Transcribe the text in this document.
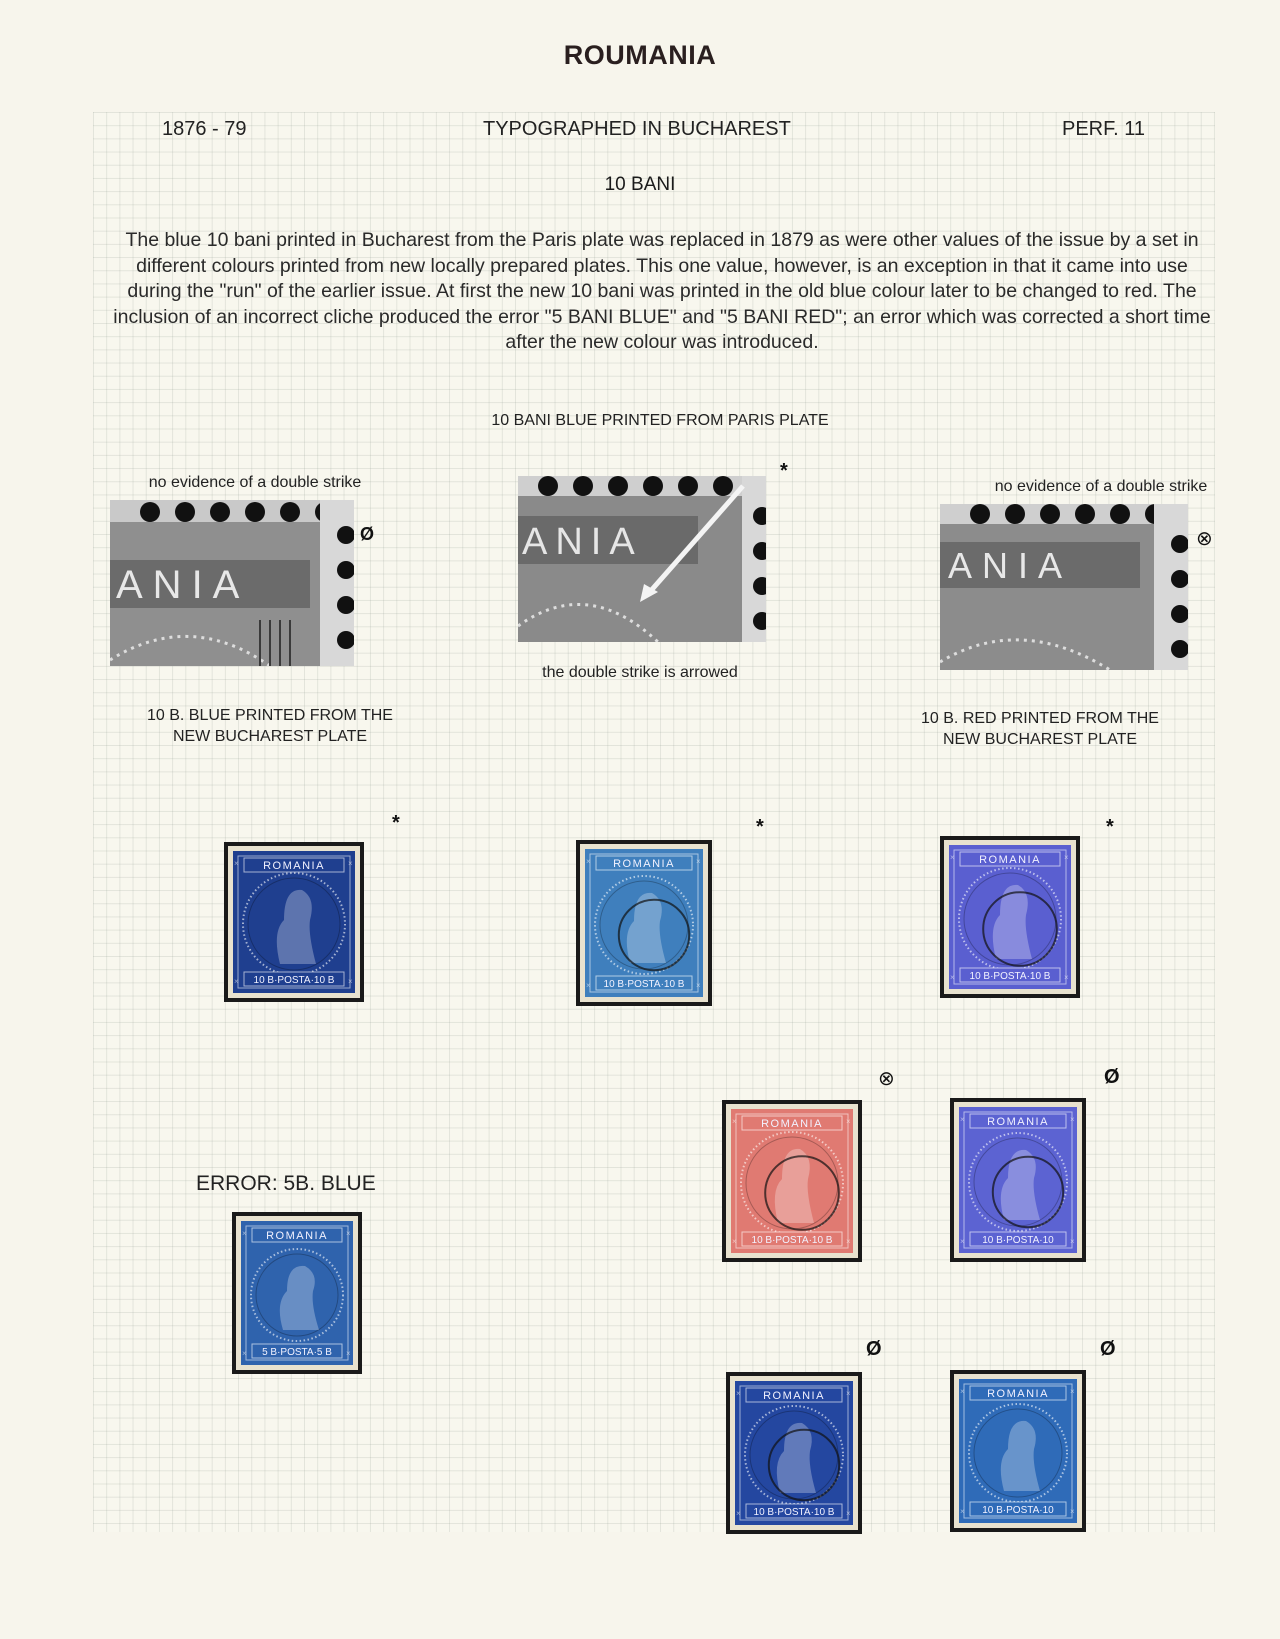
ROUMANIA
1876 - 79	TYPOGRAPHED IN BUCHAREST	PERF. 11
10 BANI
The blue 10 bani printed in Bucharest from the Paris plate was replaced in 1879 as were other values of the issue by a set in different colours printed from new locally prepared plates. This one value, however, is an exception in that it came into use during the "run" of the earlier issue. At first the new 10 bani was printed in the old blue colour later to be changed to red. The inclusion of an incorrect cliche produced the error "5 BANI BLUE" and "5 BANI RED"; an error which was corrected a short time after the new colour was introduced.
10 BANI BLUE PRINTED FROM PARIS PLATE
no evidence of a double strike	no evidence of a double strike
the double strike is arrowed
Ø
*
⊗
ANIA
ANIA
ANIA
10 B. BLUE PRINTED FROM THE
NEW BUCHAREST PLATE
10 B. RED PRINTED FROM THE
NEW BUCHAREST PLATE
ERROR: 5B. BLUE
ROMANIA
10 B·POSTA·10 B
×	×
×	×
*
ROMANIA
10 B·POSTA·10 B
×	×
×	×
*
ROMANIA
10 B·POSTA·10 B
×	×
×	×
*
ROMANIA
10 B·POSTA·10 B
×	×
×	×
⊗
ROMANIA
10 B·POSTA·10
×	×
×	×
Ø
ROMANIA
5 B·POSTA·5 B
×	×
×	×
ROMANIA
10 B·POSTA·10 B
×	×
×	×
Ø
ROMANIA
10 B·POSTA·10
×	×
×	×
Ø
